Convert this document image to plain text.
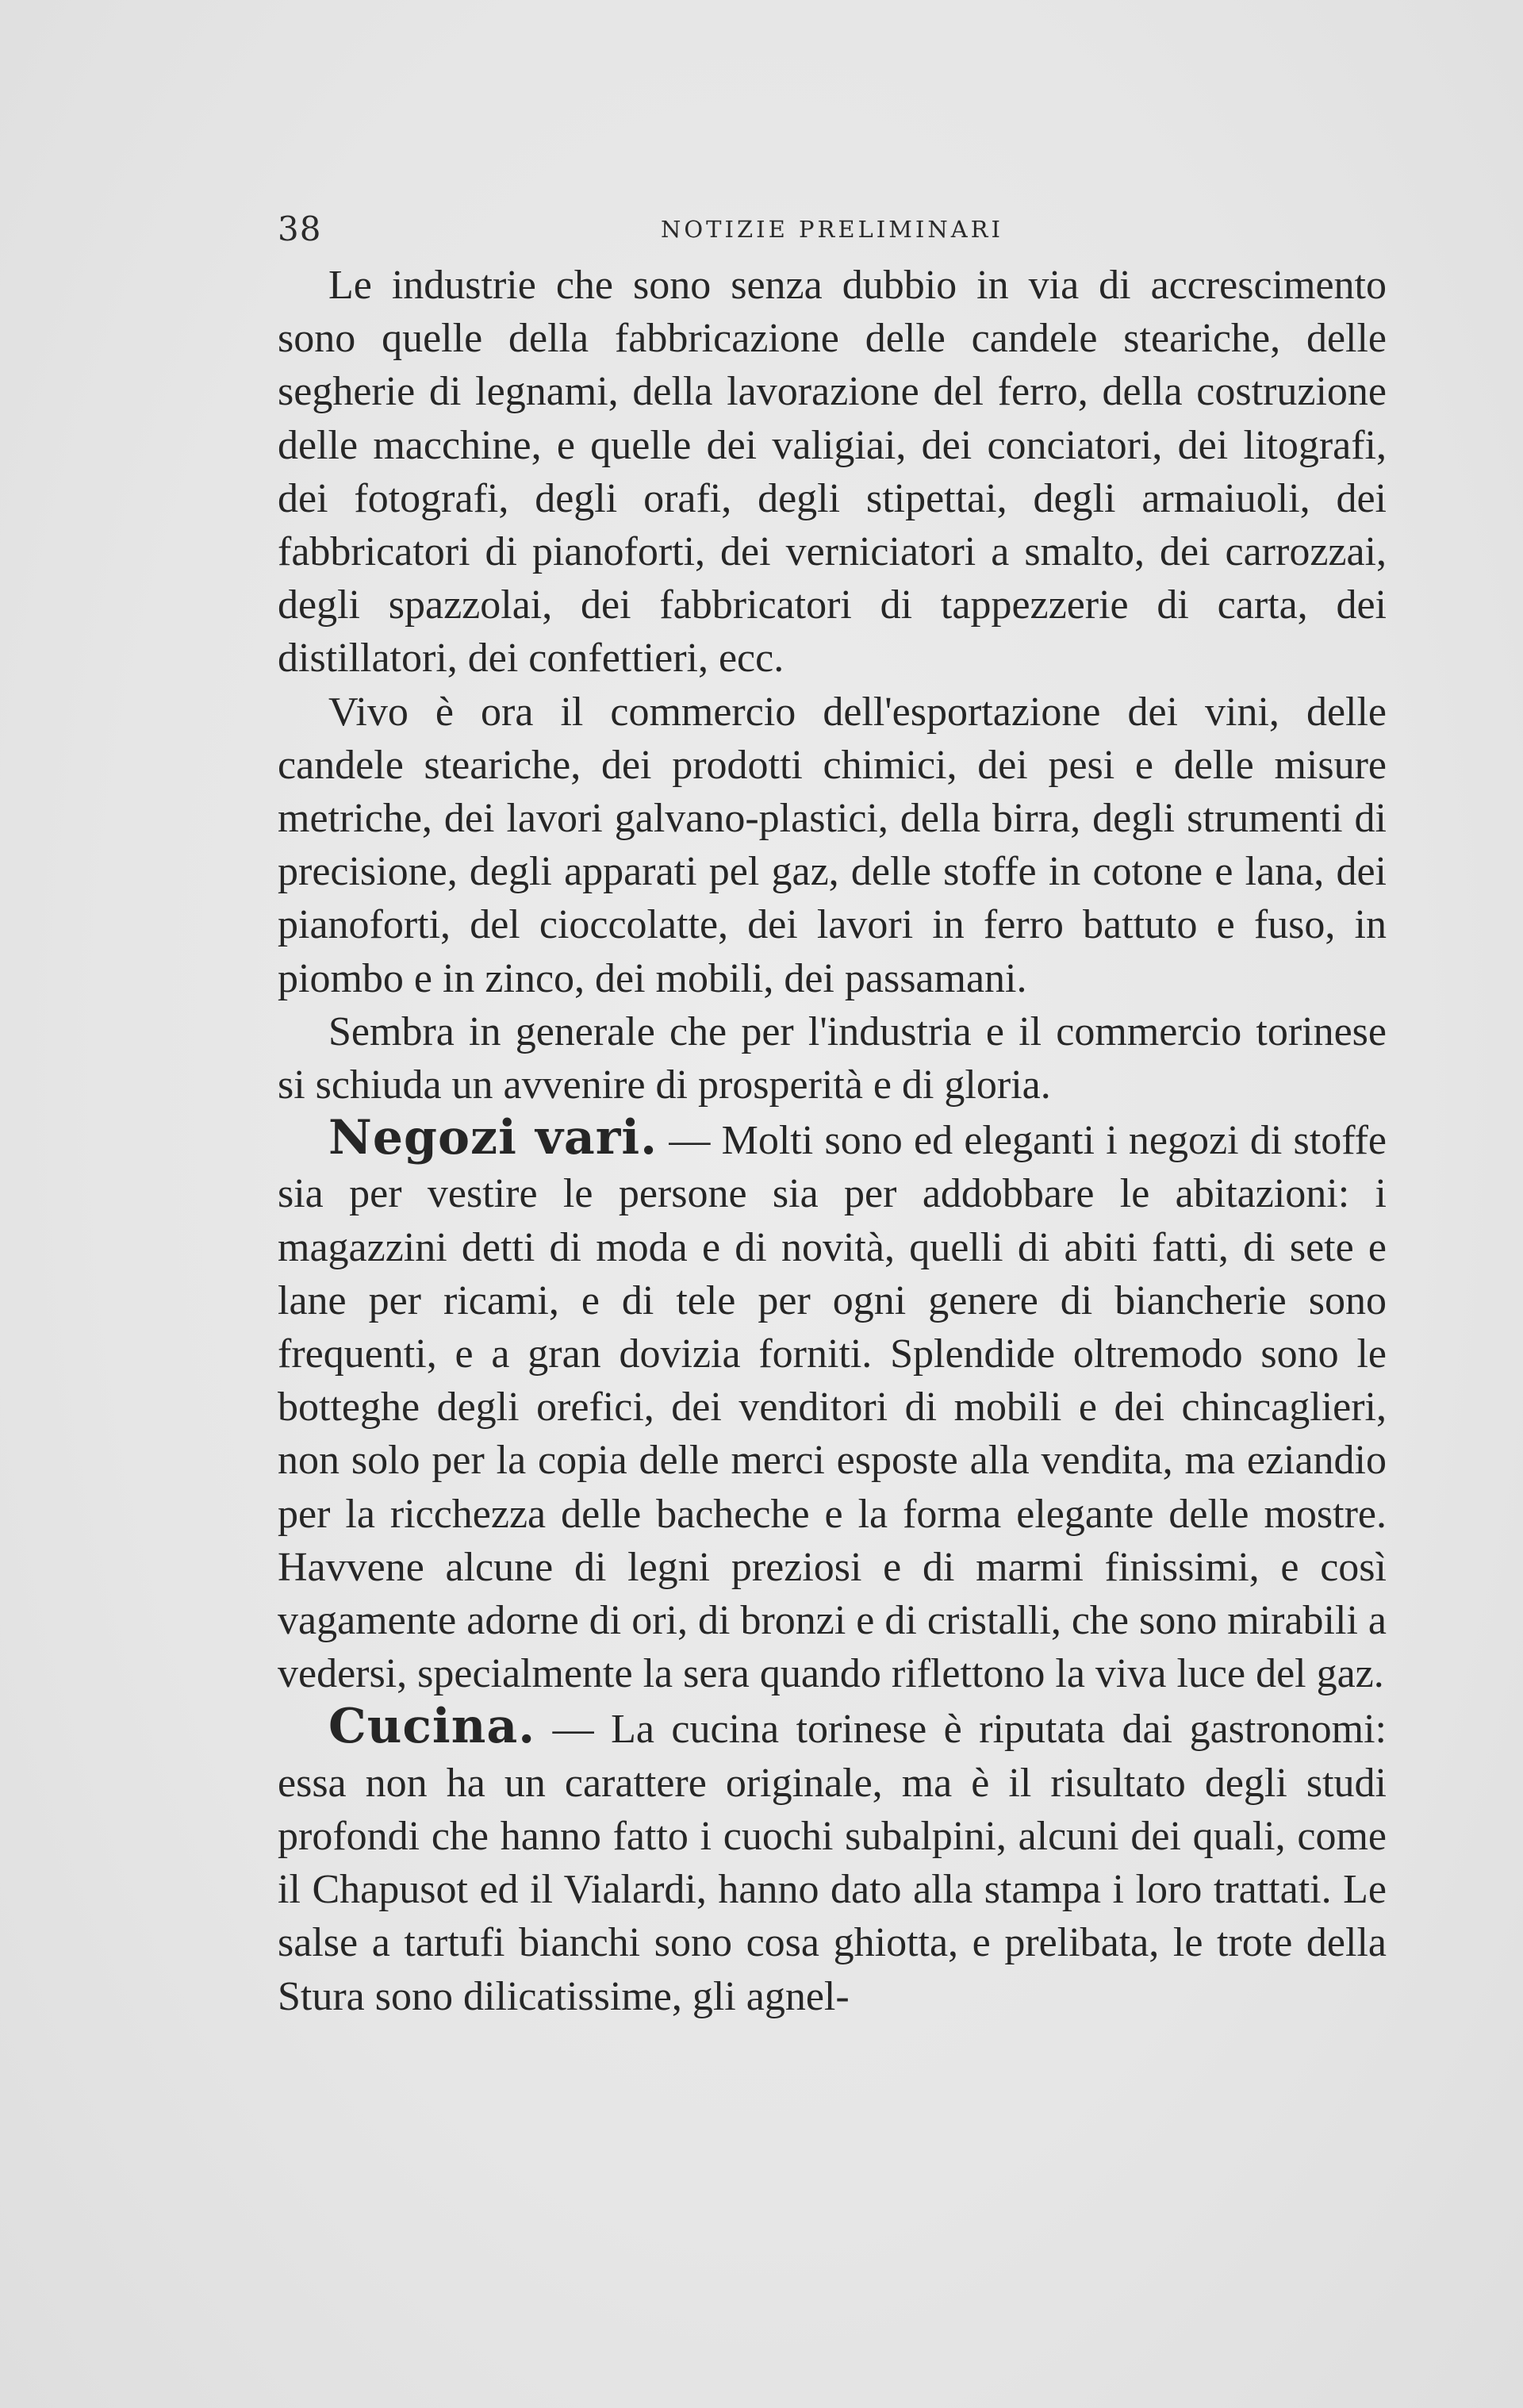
38	NOTIZIE PRELIMINARI

Le industrie che sono senza dubbio in via di accrescimento sono quelle della fabbricazione delle candele steariche, delle segherie di legnami, della lavorazione del ferro, della costruzione delle macchine, e quelle dei valigiai, dei conciatori, dei litografi, dei fotografi, degli orafi, degli stipettai, degli armaiuoli, dei fabbricatori di pianoforti, dei verniciatori a smalto, dei carrozzai, degli spazzolai, dei fabbricatori di tappezzerie di carta, dei distillatori, dei confettieri, ecc.

Vivo è ora il commercio dell'esportazione dei vini, delle candele steariche, dei prodotti chimici, dei pesi e delle misure metriche, dei lavori galvano-plastici, della birra, degli strumenti di precisione, degli apparati pel gaz, delle stoffe in cotone e lana, dei pianoforti, del cioccolatte, dei lavori in ferro battuto e fuso, in piombo e in zinco, dei mobili, dei passamani.

Sembra in generale che per l'industria e il commercio torinese si schiuda un avvenire di prosperità e di gloria.

Negozi vari. — Molti sono ed eleganti i negozi di stoffe sia per vestire le persone sia per addobbare le abitazioni: i magazzini detti di moda e di novità, quelli di abiti fatti, di sete e lane per ricami, e di tele per ogni genere di biancherie sono frequenti, e a gran dovizia forniti. Splendide oltremodo sono le botteghe degli orefici, dei venditori di mobili e dei chincaglieri, non solo per la copia delle merci esposte alla vendita, ma eziandio per la ricchezza delle bacheche e la forma elegante delle mostre. Havvene alcune di legni preziosi e di marmi finissimi, e così vagamente adorne di ori, di bronzi e di cristalli, che sono mirabili a vedersi, specialmente la sera quando riflettono la viva luce del gaz.

Cucina. — La cucina torinese è riputata dai gastronomi: essa non ha un carattere originale, ma è il risultato degli studi profondi che hanno fatto i cuochi subalpini, alcuni dei quali, come il Chapusot ed il Vialardi, hanno dato alla stampa i loro trattati. Le salse a tartufi bianchi sono cosa ghiotta, e prelibata, le trote della Stura sono dilicatissime, gli agnel-
